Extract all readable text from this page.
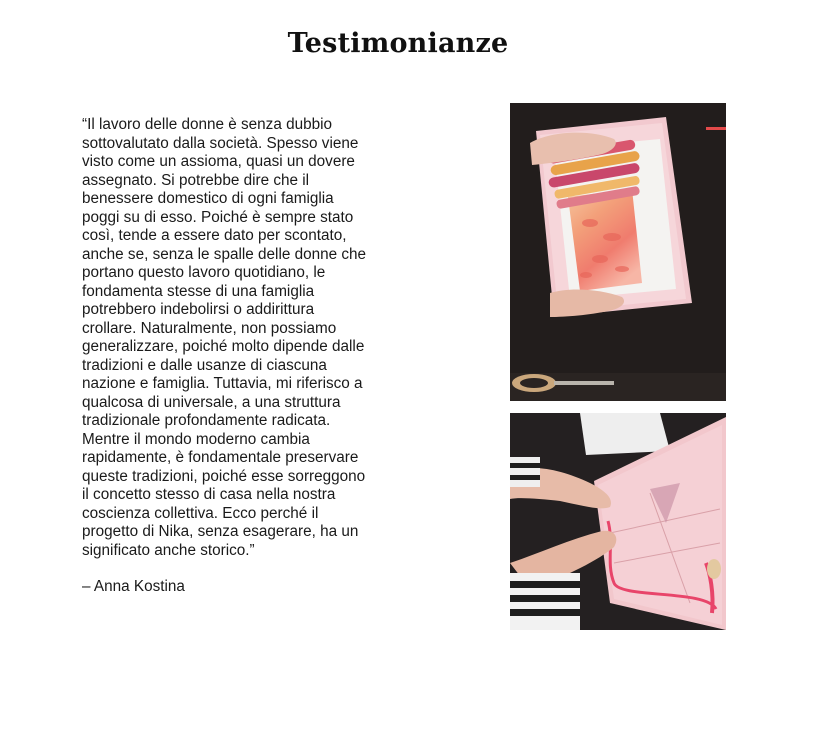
Testimonianze

“Il lavoro delle donne è senza dubbio sottovalutato dalla società. Spesso viene visto come un assioma, quasi un dovere assegnato. Si potrebbe dire che il benessere domestico di ogni famiglia poggi su di esso. Poiché è sempre stato così, tende a essere dato per scontato, anche se, senza le spalle delle donne che portano questo lavoro quotidiano, le fondamenta stesse di una famiglia potrebbero indebolirsi o addirittura crollare. Naturalmente, non possiamo generalizzare, poiché molto dipende dalle tradizioni e dalle usanze di ciascuna nazione e famiglia. Tuttavia, mi riferisco a qualcosa di universale, a una struttura tradizionale profondamente radicata. Mentre il mondo moderno cambia rapidamente, è fondamentale preservare queste tradizioni, poiché esse sorreggono il concetto stesso di casa nella nostra coscienza collettiva. Ecco perché il progetto di Nika, senza esagerare, ha un significato anche storico.”

– Anna Kostina
